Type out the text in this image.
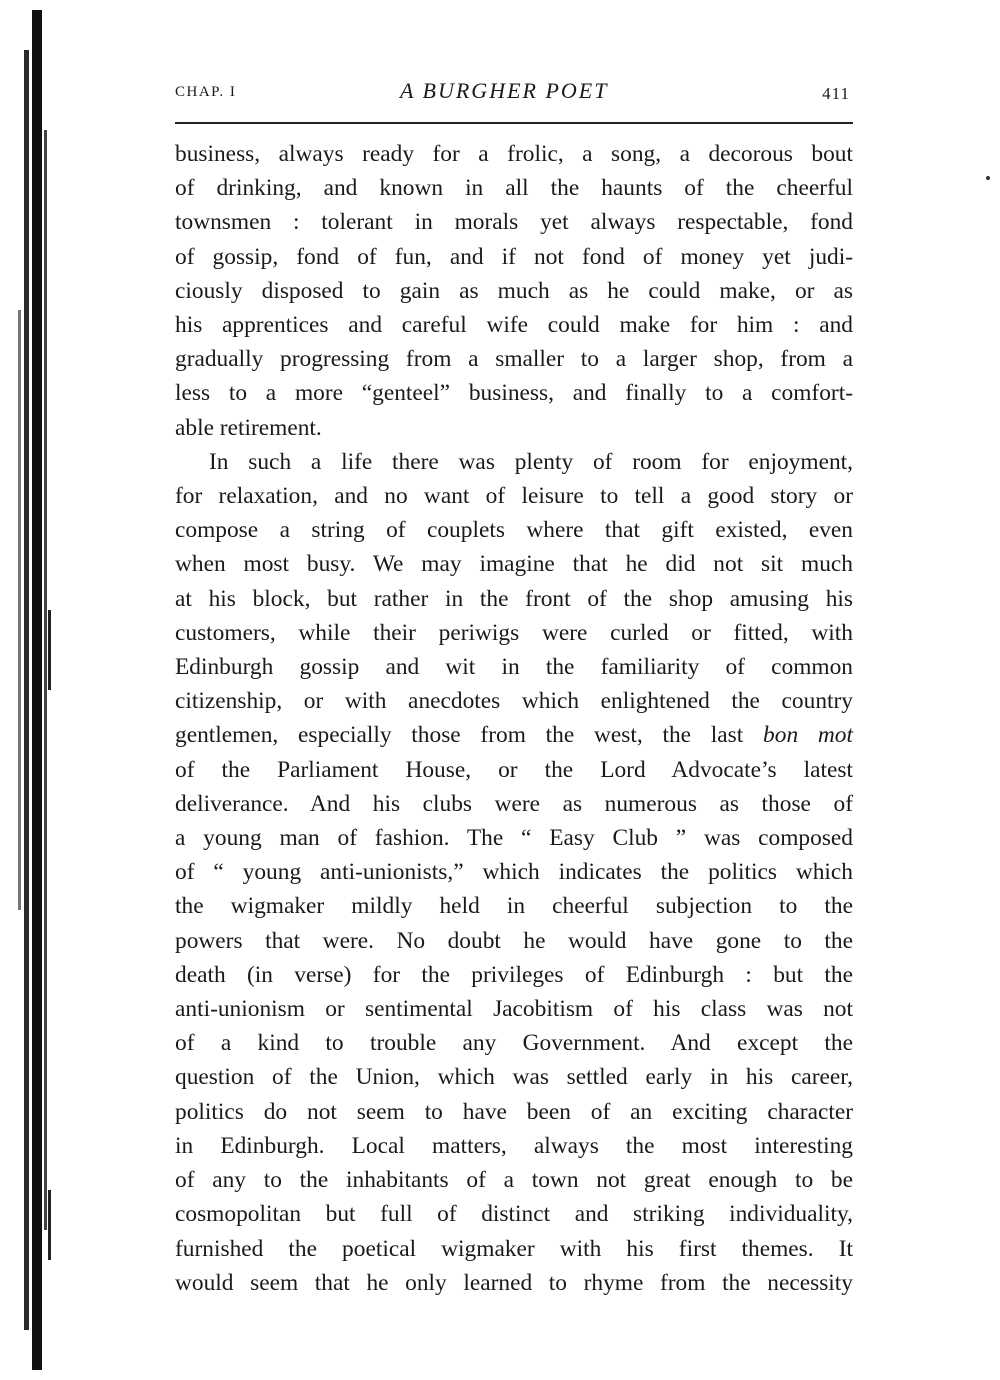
CHAP. I	A BURGHER POET	411
business, always ready for a frolic, a song, a decorous bout
of drinking, and known in all the haunts of the cheerful
townsmen : tolerant in morals yet always respectable, fond
of gossip, fond of fun, and if not fond of money yet judi-
ciously disposed to gain as much as he could make, or as
his apprentices and careful wife could make for him : and
gradually progressing from a smaller to a larger shop, from a
less to a more “genteel” business, and finally to a comfort-
able retirement.
In such a life there was plenty of room for enjoyment,
for relaxation, and no want of leisure to tell a good story or
compose a string of couplets where that gift existed, even
when most busy. We may imagine that he did not sit much
at his block, but rather in the front of the shop amusing his
customers, while their periwigs were curled or fitted, with
Edinburgh gossip and wit in the familiarity of common
citizenship, or with anecdotes which enlightened the country
gentlemen, especially those from the west, the last bon mot
of the Parliament House, or the Lord Advocate’s latest
deliverance. And his clubs were as numerous as those of
a young man of fashion. The “ Easy Club ” was composed
of “ young anti-unionists,” which indicates the politics which
the wigmaker mildly held in cheerful subjection to the
powers that were. No doubt he would have gone to the
death (in verse) for the privileges of Edinburgh : but the
anti-unionism or sentimental Jacobitism of his class was not
of a kind to trouble any Government. And except the
question of the Union, which was settled early in his career,
politics do not seem to have been of an exciting character
in Edinburgh. Local matters, always the most interesting
of any to the inhabitants of a town not great enough to be
cosmopolitan but full of distinct and striking individuality,
furnished the poetical wigmaker with his first themes. It
would seem that he only learned to rhyme from the necessity
